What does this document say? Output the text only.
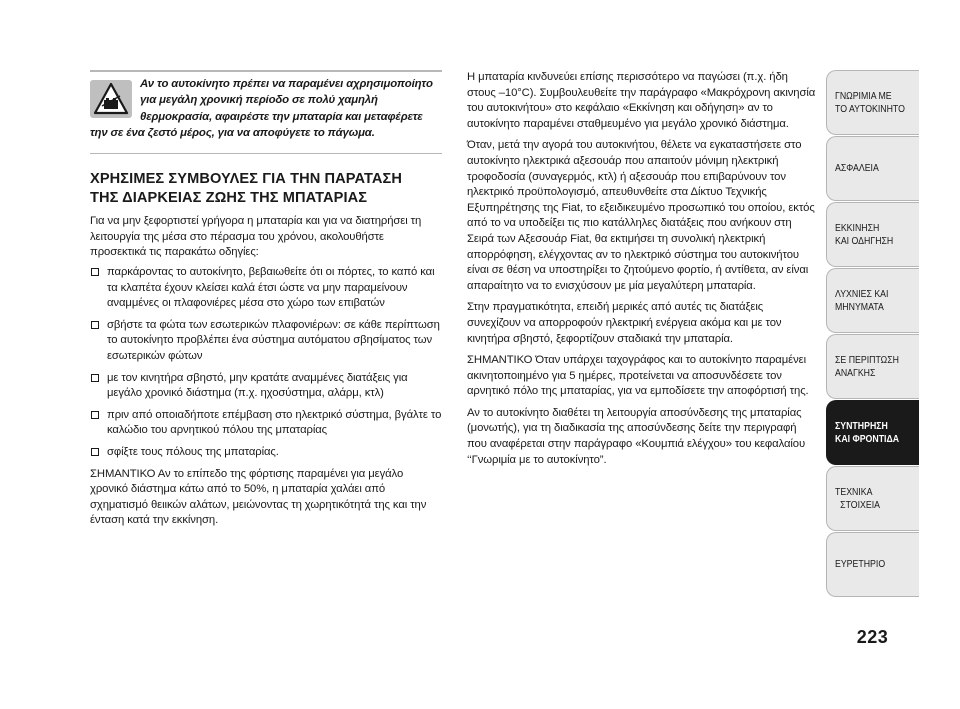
Αν το αυτοκίνητο πρέπει να παραμένει αχρησιμοποίητο για μεγάλη χρονική περίοδο σε πολύ χαμηλή θερμοκρασία, αφαιρέστε την μπαταρία και μεταφέρετε την σε ένα ζεστό μέρος, για να αποφύγετε το πάγωμα.
ΧΡΗΣΙΜΕΣ ΣΥΜΒΟΥΛΕΣ ΓΙΑ ΤΗΝ ΠΑΡΑΤΑΣΗ
ΤΗΣ ΔΙΑΡΚΕΙΑΣ ΖΩΗΣ ΤΗΣ ΜΠΑΤΑΡΙΑΣ

Για να μην ξεφορτιστεί γρήγορα η μπαταρία και για να διατηρήσει τη λειτουργία της μέσα στο πέρασμα του χρόνου, ακολουθήστε προσεκτικά τις παρακάτω οδηγίες:

παρκάροντας το αυτοκίνητο, βεβαιωθείτε ότι οι πόρτες, το καπό και τα κλαπέτα έχουν κλείσει καλά έτσι ώστε να μην παραμείνουν αναμμένες οι πλαφονιέρες μέσα στο χώρο των επιβατών
σβήστε τα φώτα των εσωτερικών πλαφονιέρων: σε κάθε περίπτωση το αυτοκίνητο προβλέπει ένα σύστημα αυτόματου σβησίματος των εσωτερικών φώτων
με τον κινητήρα σβηστό, μην κρατάτε αναμμένες διατάξεις για μεγάλο χρονικό διάστημα (π.χ. ηχοσύστημα, αλάρμ, κτλ)
πριν από οποιαδήποτε επέμβαση στο ηλεκτρικό σύστημα, βγάλτε το καλώδιο του αρνητικού πόλου της μπαταρίας
σφίξτε τους πόλους της μπαταρίας.

ΣΗΜΑΝΤΙΚΟ Αν το επίπεδο της φόρτισης παραμένει για μεγάλο χρονικό διάστημα κάτω από το 50%, η μπαταρία χαλάει από σχηματισμό θειικών αλάτων, μειώνοντας τη χωρητικότητά της και την ένταση κατά την εκκίνηση.

Η μπαταρία κινδυνεύει επίσης περισσότερο να παγώσει (π.χ. ήδη στους –10°C). Συμβουλευθείτε την παράγραφο «Μακρόχρονη ακινησία του αυτοκινήτου» στο κεφάλαιο «Εκκίνηση και οδήγηση» αν το αυτοκίνητο παραμένει σταθμευμένο για μεγάλο χρονικό διάστημα.

Όταν, μετά την αγορά του αυτοκινήτου, θέλετε να εγκαταστήσετε στο αυτοκίνητο ηλεκτρικά αξεσουάρ που απαιτούν μόνιμη ηλεκτρική τροφοδοσία (συναγερμός, κτλ) ή αξεσουάρ που επιβαρύνουν τον ηλεκτρικό προϋπολογισμό, απευθυνθείτε στα Δίκτυο Τεχνικής Εξυπηρέτησης της Fiat, το εξειδικευμένο προσωπικό του οποίου, εκτός από το να υποδείξει τις πιο κατάλληλες διατάξεις που ανήκουν στη Σειρά των Αξεσουάρ Fiat, θα εκτιμήσει τη συνολική ηλεκτρική απορρόφηση, ελέγχοντας αν το ηλεκτρικό σύστημα του αυτοκινήτου είναι σε θέση να υποστηρίξει το ζητούμενο φορτίο, ή αντίθετα, αν είναι απαραίτητο να το ενισχύσουν με μία μεγαλύτερη μπαταρία.

Στην πραγματικότητα, επειδή μερικές από αυτές τις διατάξεις συνεχίζουν να απορροφούν ηλεκτρική ενέργεια ακόμα και με τον κινητήρα σβηστό, ξεφορτίζουν σταδιακά την μπαταρία.

ΣΗΜΑΝΤΙΚΟ Όταν υπάρχει ταχογράφος και το αυτοκίνητο παραμένει ακινητοποιημένο για 5 ημέρες, προτείνεται να αποσυνδέσετε τον αρνητικό πόλο της μπαταρίας, για να εμποδίσετε την αποφόρτισή της.

Αν το αυτοκίνητο διαθέτει τη λειτουργία αποσύνδεσης της μπαταρίας (μονωτής), για τη διαδικασία της αποσύνδεσης δείτε την περιγραφή που αναφέρεται στην παράγραφο «Κουμπιά ελέγχου» του κεφαλαίου ‘‘Γνωριμία με το αυτοκίνητο”.

ΓΝΩΡΙΜΙΑ ΜΕ
ΤΟ ΑΥΤΟΚΙΝΗΤΟ
ΑΣΦΑΛΕΙΑ
ΕΚΚΙΝΗΣΗ
ΚΑΙ ΟΔΗΓΗΣΗ
ΛΥΧΝΙΕΣ ΚΑΙ
ΜΗΝΥΜΑΤΑ
ΣΕ ΠΕΡΙΠΤΩΣΗ
ΑΝΑΓΚΗΣ
ΣΥΝΤΗΡΗΣΗ
ΚΑΙ ΦΡΟΝΤΙΔΑ
ΤΕΧΝΙΚΑ
ΣΤΟΙΧΕΙΑ
ΕΥΡΕΤΗΡΙΟ
223
